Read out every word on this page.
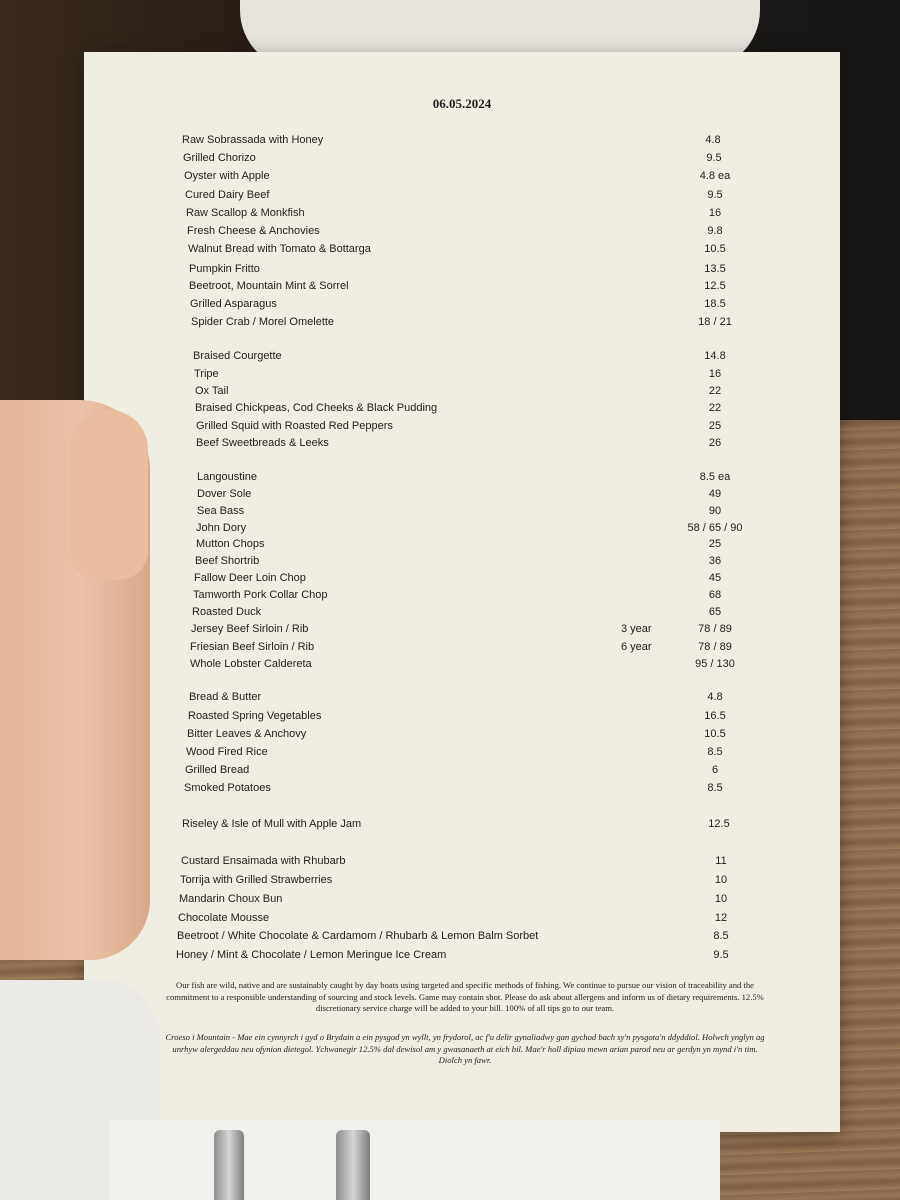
06.05.2024
Raw Sobrassada with Honey	4.8
Grilled Chorizo	9.5
Oyster with Apple	4.8 ea
Cured Dairy Beef	9.5
Raw Scallop & Monkfish	16
Fresh Cheese & Anchovies	9.8
Walnut Bread with Tomato & Bottarga	10.5
Pumpkin Fritto	13.5
Beetroot, Mountain Mint & Sorrel	12.5
Grilled Asparagus	18.5
Spider Crab / Morel Omelette	18 / 21
Braised Courgette	14.8
Tripe	16
Ox Tail	22
Braised Chickpeas, Cod Cheeks & Black Pudding	22
Grilled Squid with Roasted Red Peppers	25
Beef Sweetbreads & Leeks	26
Langoustine	8.5 ea
Dover Sole	49
Sea Bass	90
John Dory	58 / 65 / 90
Mutton Chops	25
Beef Shortrib	36
Fallow Deer Loin Chop	45
Tamworth Pork Collar Chop	68
Roasted Duck	65
Jersey Beef Sirloin / Rib	3 year	78 / 89
Friesian Beef Sirloin / Rib	6 year	78 / 89
Whole Lobster Caldereta	95 / 130
Bread & Butter	4.8
Roasted Spring Vegetables	16.5
Bitter Leaves & Anchovy	10.5
Wood Fired Rice	8.5
Grilled Bread	6
Smoked Potatoes	8.5
Riseley & Isle of Mull with Apple Jam	12.5
Custard Ensaimada with Rhubarb	11
Torrija with Grilled Strawberries	10
Mandarin Choux Bun	10
Chocolate Mousse	12
Beetroot / White Chocolate & Cardamom / Rhubarb & Lemon Balm Sorbet	8.5
Honey / Mint & Chocolate / Lemon Meringue Ice Cream	9.5
Our fish are wild, native and are sustainably caught by day boats using targeted and specific methods of fishing. We continue to pursue our vision of traceability and the commitment to a responsible understanding of sourcing and stock levels. Game may contain shot. Please do ask about allergens and inform us of dietary requirements. 12.5% discretionary service charge will be added to your bill. 100% of all tips go to our team.
Croeso i Mountain - Mae ein cynnyrch i gyd o Brydain a ein pysgod yn wyllt, yn frydorol, ac f'u delir gynaliadwy gan gychod bach sy'n pysgota'n ddyddiol. Holwch ynglyn ag unrhyw alergeddau neu ofynion dietegol. Ychwanegir 12.5% dal dewisol am y gwasanaeth at eich bil. Mae'r holl dipiau mewn arian parod neu ar gerdyn yn mynd i'n tim. Diolch yn fawr.
